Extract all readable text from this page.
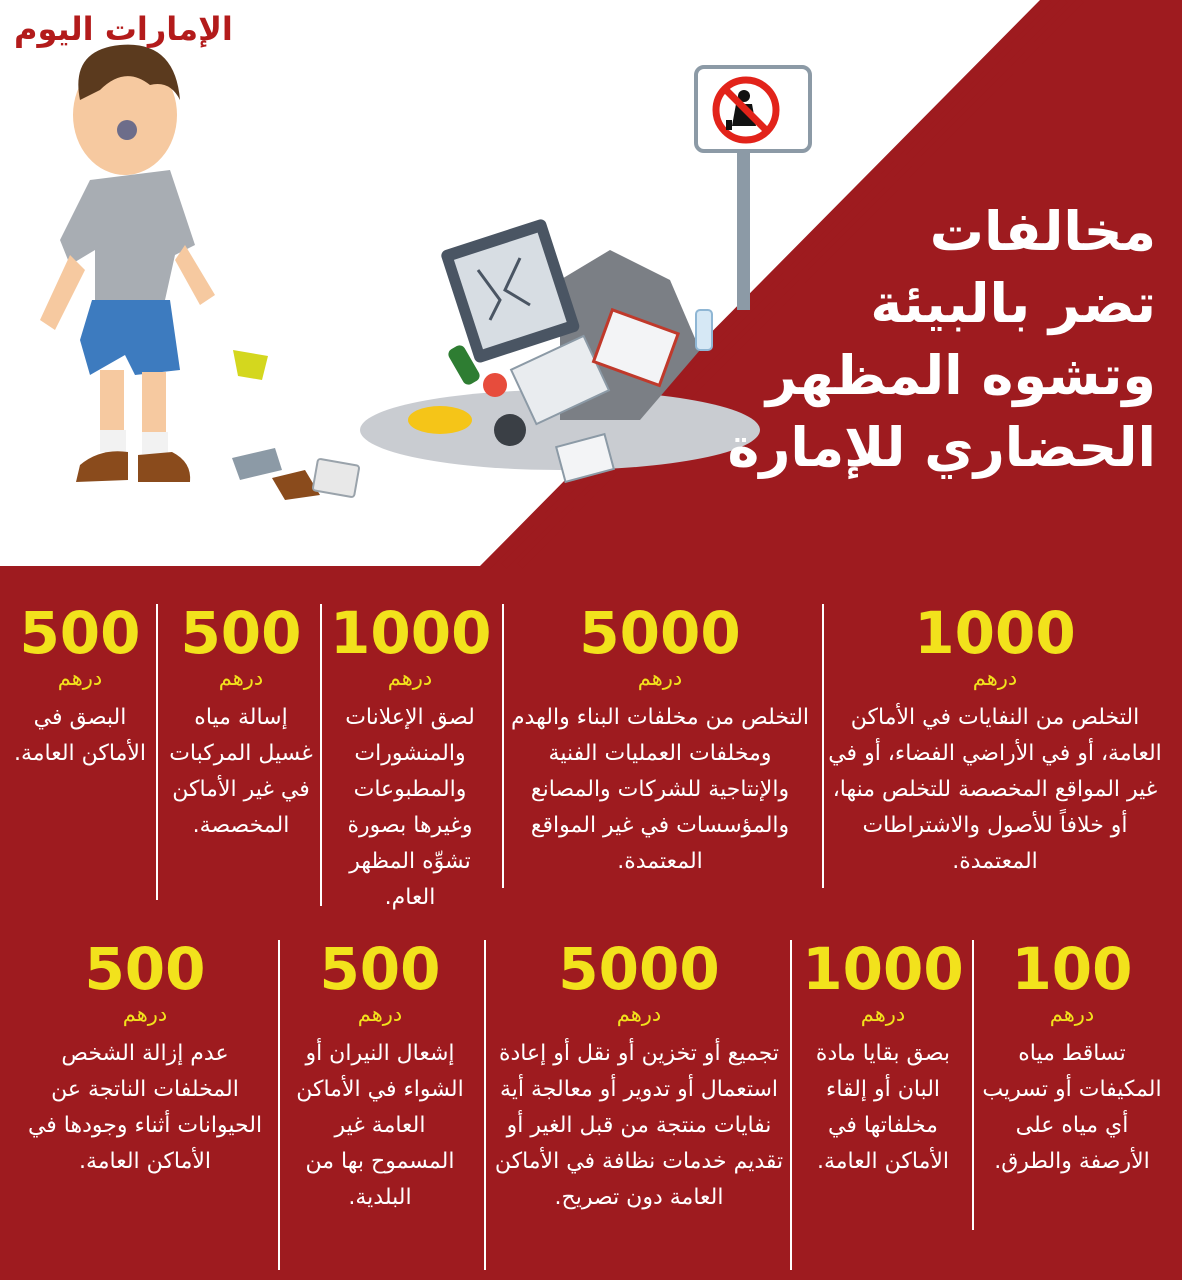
الإمارات اليوم
مخالفات
تضر بالبيئة
وتشوه المظهر
الحضاري للإمارة
1000
درهم
التخلص من النفايات في الأماكن العامة، أو في الأراضي الفضاء، أو في غير المواقع المخصصة للتخلص منها، أو خلافاً للأصول والاشتراطات المعتمدة.
5000
درهم
التخلص من مخلفات البناء والهدم ومخلفات العمليات الفنية والإنتاجية للشركات والمصانع والمؤسسات في غير المواقع المعتمدة.
1000
درهم
لصق الإعلانات والمنشورات والمطبوعات وغيرها بصورة تشوِّه المظهر العام.
500
درهم
إسالة مياه غسيل المركبات في غير الأماكن المخصصة.
500
درهم
البصق في الأماكن العامة.
100
درهم
تساقط مياه المكيفات أو تسريب أي مياه على الأرصفة والطرق.
1000
درهم
بصق بقايا مادة البان أو إلقاء مخلفاتها في الأماكن العامة.
5000
درهم
تجميع أو تخزين أو نقل أو إعادة استعمال أو تدوير أو معالجة أية نفايات منتجة من قبل الغير أو تقديم خدمات نظافة في الأماكن العامة دون تصريح.
500
درهم
إشعال النيران أو الشواء في الأماكن العامة غير المسموح بها من البلدية.
500
درهم
عدم إزالة الشخص المخلفات الناتجة عن الحيوانات أثناء وجودها في الأماكن العامة.
